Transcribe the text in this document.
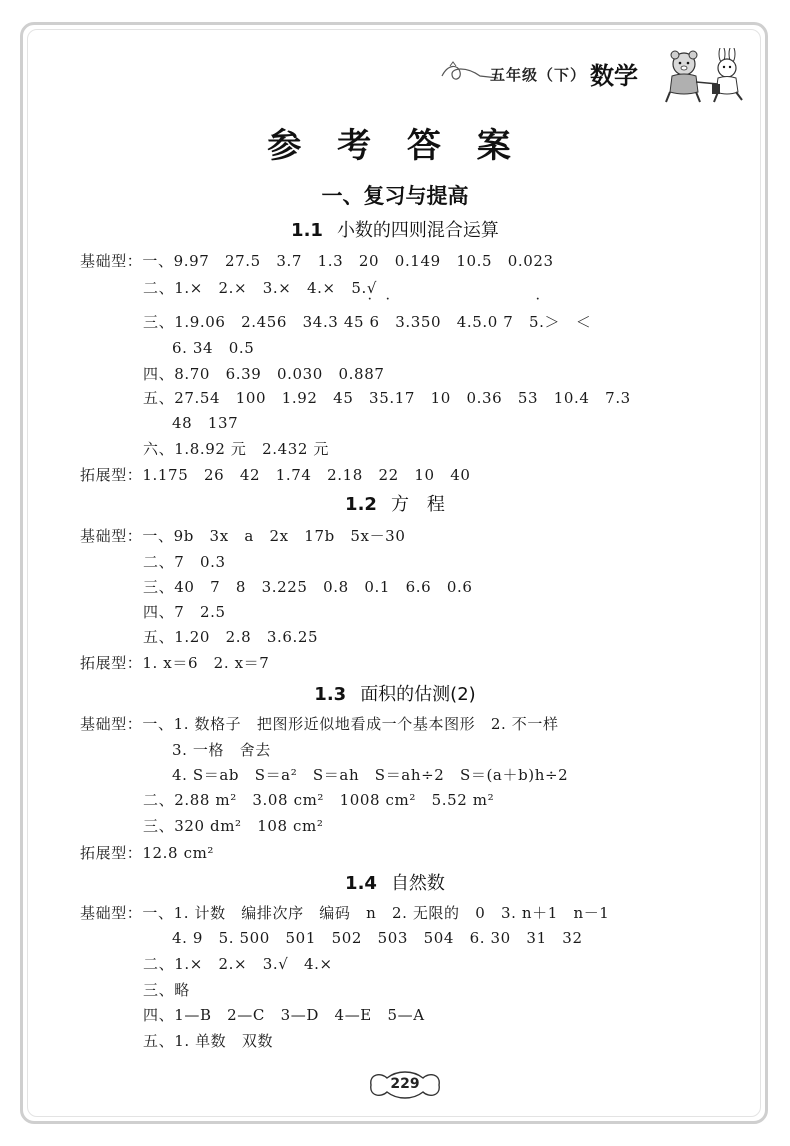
五年级（下） 数学
参 考 答 案
一、复习与提高
1.1 小数的四则混合运算
基础型：一、9.97　27.5　3.7　1.3　20　0.149　10.5　0.023
二、1.×　2.×　3.×　4.×　5.√
· ·	·
三、1.9.06　2.456　34.3 45 6　3.350　4.5.0 7　5.＞　＜
6. 34　0.5
四、8.70　6.39　0.030　0.887
五、27.54　100　1.92　45　35.17　10　0.36　53　10.4　7.3
48　137
六、1.8.92 元　2.432 元
拓展型：1.175　26　42　1.74　2.18　22　10　40
1.2 方　程
基础型：一、9b　3x　a　2x　17b　5x－30
二、7　0.3
三、40　7　8　3.225　0.8　0.1　6.6　0.6
四、7　2.5
五、1.20　2.8　3.6.25
拓展型：1. x＝6　2. x＝7
1.3 面积的估测(2)
基础型：一、1. 数格子　把图形近似地看成一个基本图形　2. 不一样
3. 一格　舍去
4. S＝ab　S＝a²　S＝ah　S＝ah÷2　S＝(a＋b)h÷2
二、2.88 m²　3.08 cm²　1008 cm²　5.52 m²
三、320 dm²　108 cm²
拓展型：12.8 cm²
1.4 自然数
基础型：一、1. 计数　编排次序　编码　n　2. 无限的　0　3. n＋1　n－1
4. 9　5. 500　501　502　503　504　6. 30　31　32
二、1.×　2.×　3.√　4.×
三、略
四、1—B　2—C　3—D　4—E　5—A
五、1. 单数　双数
229
